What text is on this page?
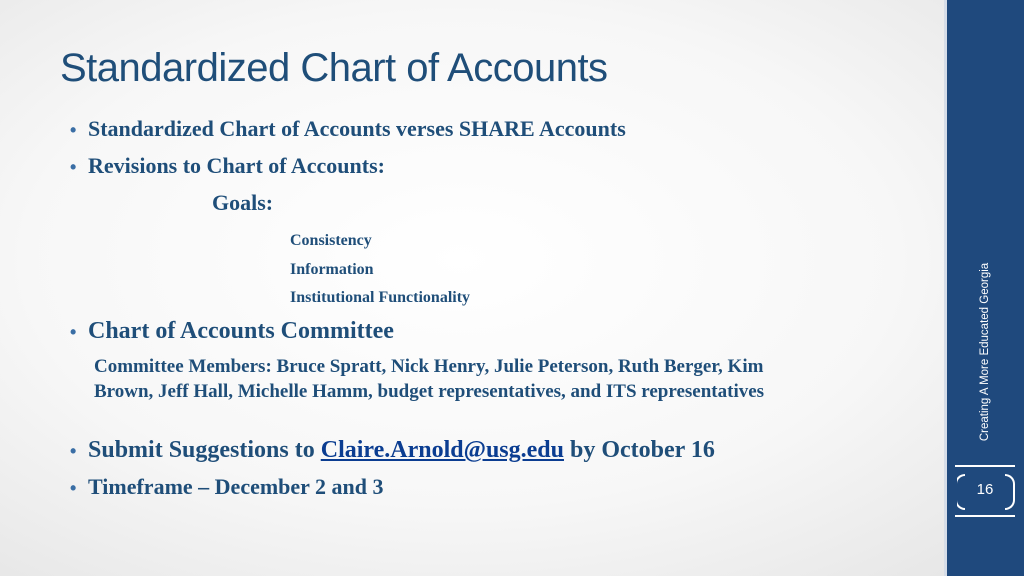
Standardized Chart of Accounts
• Standardized Chart of Accounts verses SHARE Accounts
• Revisions to Chart of Accounts:
Goals:
Consistency
Information
Institutional Functionality
• Chart of Accounts Committee
Committee Members: Bruce Spratt, Nick Henry, Julie Peterson, Ruth Berger, Kim Brown, Jeff Hall, Michelle Hamm, budget representatives, and ITS representatives
• Submit Suggestions to Claire.Arnold@usg.edu by October 16
• Timeframe – December 2 and 3
Creating A More Educated Georgia
16
